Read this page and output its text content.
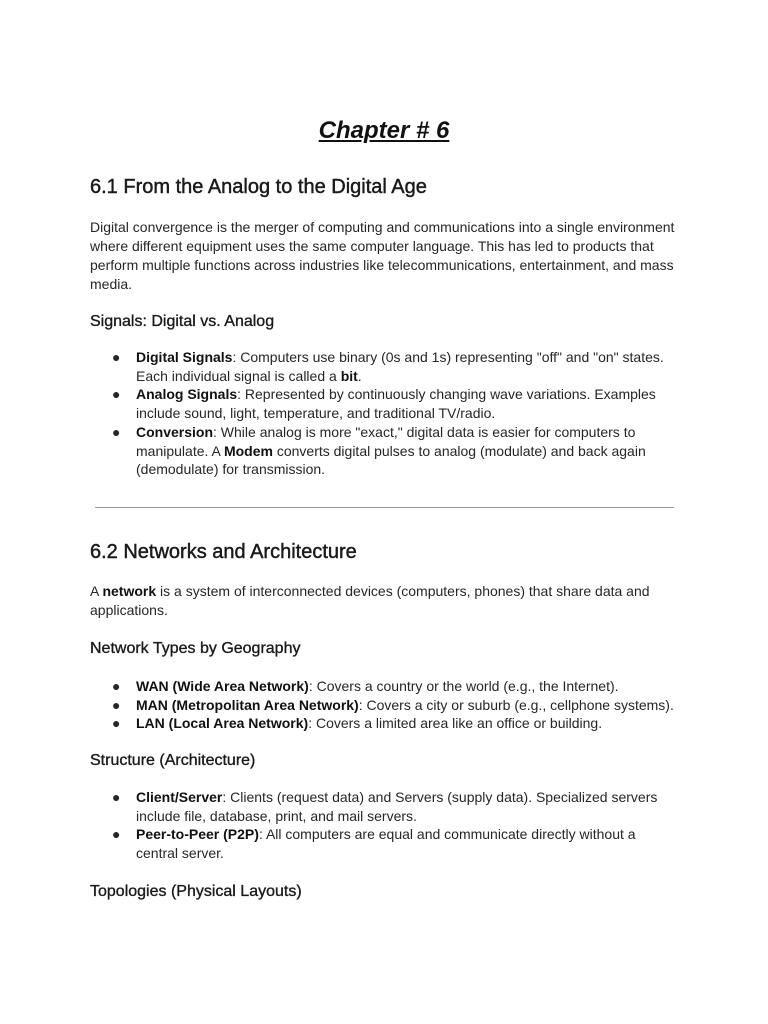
Chapter # 6
6.1 From the Analog to the Digital Age

Digital convergence is the merger of computing and communications into a single environment where different equipment uses the same computer language. This has led to products that perform multiple functions across industries like telecommunications, entertainment, and mass media.

Signals: Digital vs. Analog
● Digital Signals: Computers use binary (0s and 1s) representing "off" and "on" states. Each individual signal is called a bit.
● Analog Signals: Represented by continuously changing wave variations. Examples include sound, light, temperature, and traditional TV/radio.
● Conversion: While analog is more "exact," digital data is easier for computers to manipulate. A Modem converts digital pulses to analog (modulate) and back again (demodulate) for transmission.
6.2 Networks and Architecture

A network is a system of interconnected devices (computers, phones) that share data and applications.

Network Types by Geography
● WAN (Wide Area Network): Covers a country or the world (e.g., the Internet).
● MAN (Metropolitan Area Network): Covers a city or suburb (e.g., cellphone systems).
● LAN (Local Area Network): Covers a limited area like an office or building.
Structure (Architecture)
● Client/Server: Clients (request data) and Servers (supply data). Specialized servers include file, database, print, and mail servers.
● Peer-to-Peer (P2P): All computers are equal and communicate directly without a central server.
Topologies (Physical Layouts)
